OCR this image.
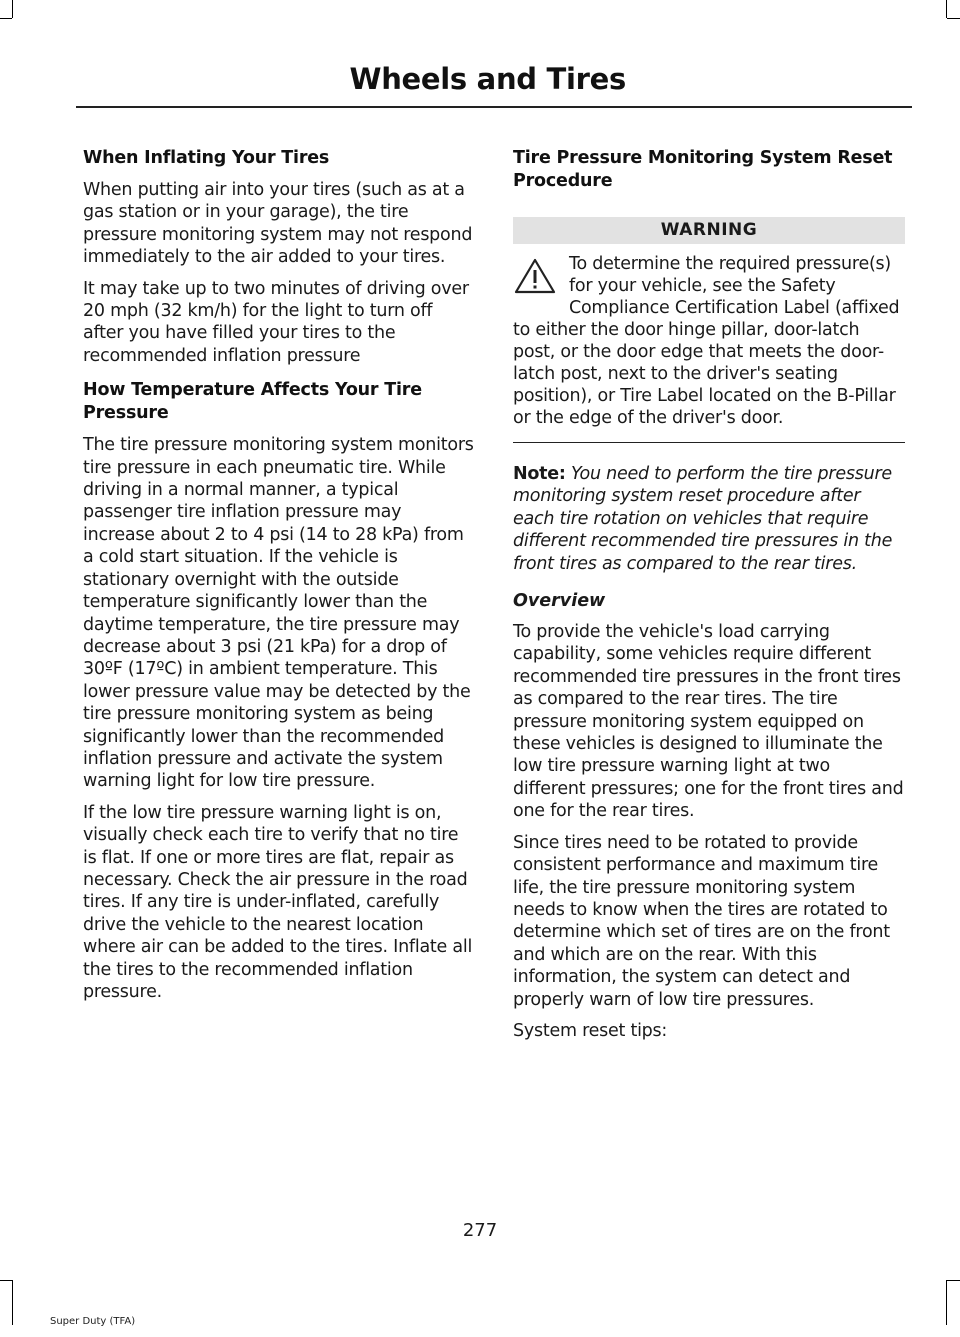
Wheels and Tires
When Inflating Your Tires

When putting air into your tires (such as at a gas station or in your garage), the tire pressure monitoring system may not respond immediately to the air added to your tires.

It may take up to two minutes of driving over 20 mph (32 km/h) for the light to turn off after you have filled your tires to the recommended inflation pressure

How Temperature Affects Your Tire Pressure

The tire pressure monitoring system monitors tire pressure in each pneumatic tire. While driving in a normal manner, a typical passenger tire inflation pressure may increase about 2 to 4 psi (14 to 28 kPa) from a cold start situation. If the vehicle is stationary overnight with the outside temperature significantly lower than the daytime temperature, the tire pressure may decrease about 3 psi (21 kPa) for a drop of 30ºF (17ºC) in ambient temperature. This lower pressure value may be detected by the tire pressure monitoring system as being significantly lower than the recommended inflation pressure and activate the system warning light for low tire pressure.

If the low tire pressure warning light is on, visually check each tire to verify that no tire is flat. If one or more tires are flat, repair as necessary. Check the air pressure in the road tires. If any tire is under-inflated, carefully drive the vehicle to the nearest location where air can be added to the tires. Inflate all the tires to the recommended inflation pressure.

Tire Pressure Monitoring System Reset Procedure
WARNING
To determine the required pressure(s) for your vehicle, see the Safety Compliance Certification Label (affixed to either the door hinge pillar, door-latch post, or the door edge that meets the door-latch post, next to the driver's seating position), or Tire Label located on the B-Pillar or the edge of the driver's door.

Note: You need to perform the tire pressure monitoring system reset procedure after each tire rotation on vehicles that require different recommended tire pressures in the front tires as compared to the rear tires.

Overview

To provide the vehicle's load carrying capability, some vehicles require different recommended tire pressures in the front tires as compared to the rear tires. The tire pressure monitoring system equipped on these vehicles is designed to illuminate the low tire pressure warning light at two different pressures; one for the front tires and one for the rear tires.

Since tires need to be rotated to provide consistent performance and maximum tire life, the tire pressure monitoring system needs to know when the tires are rotated to determine which set of tires are on the front and which are on the rear. With this information, the system can detect and properly warn of low tire pressures.

System reset tips:

277
Super Duty (TFA)
